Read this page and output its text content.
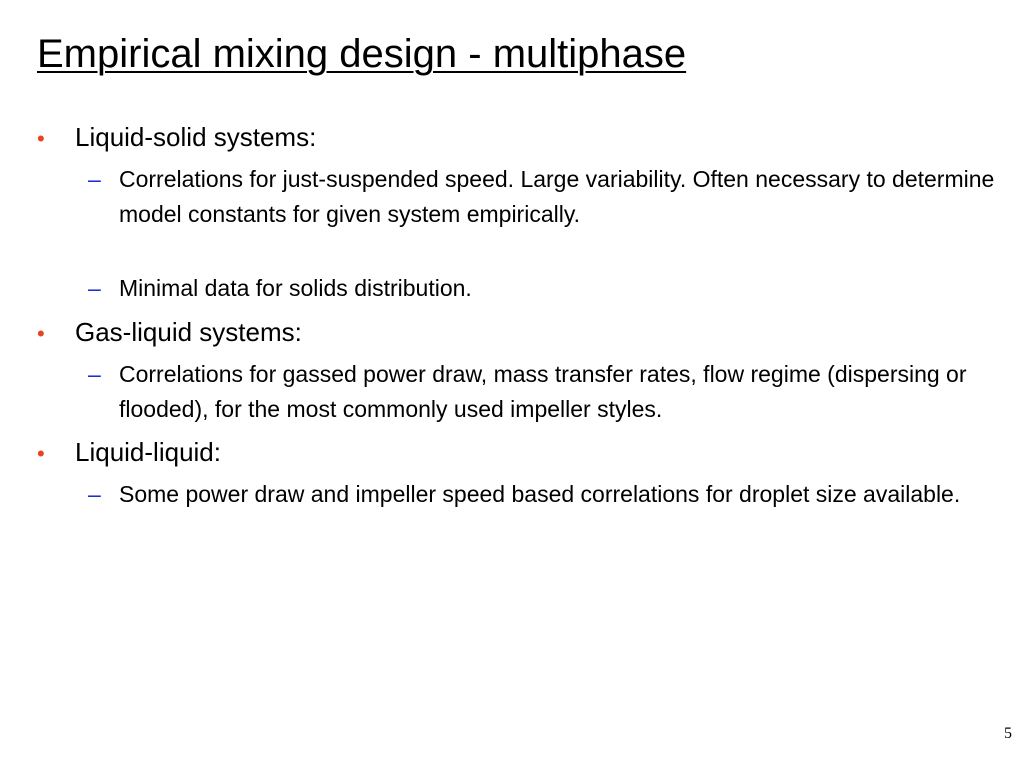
Empirical mixing design - multiphase
•	Liquid-solid systems:
– Correlations for just-suspended speed. Large variability. Often necessary to determine model constants for given system empirically.
– Minimal data for solids distribution.
•	Gas-liquid systems:
– Correlations for gassed power draw, mass transfer rates, flow regime (dispersing or flooded), for the most commonly used impeller styles.
•	Liquid-liquid:
– Some power draw and impeller speed based correlations for droplet size available.
5
